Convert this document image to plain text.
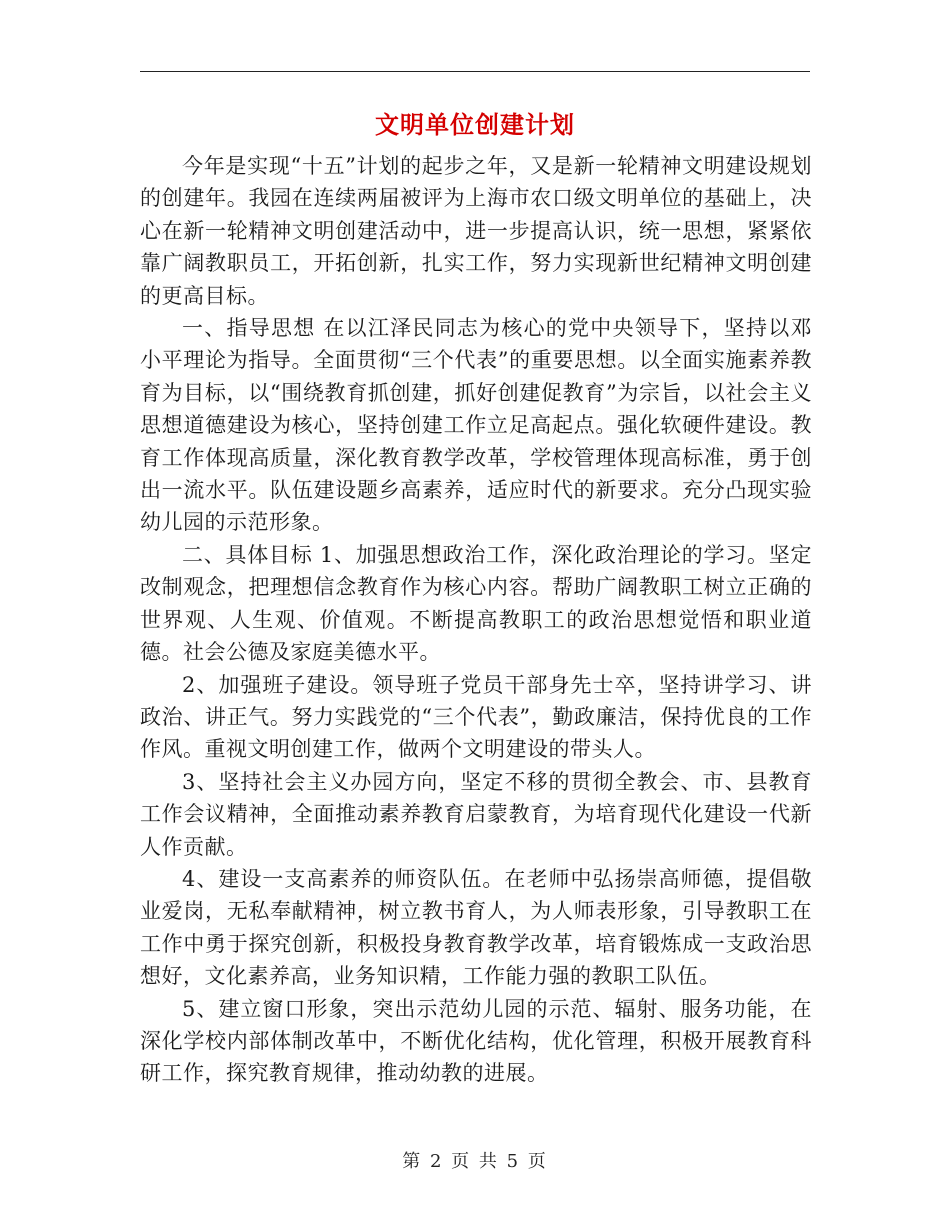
文明单位创建计划

今年是实现“十五”计划的起步之年，又是新一轮精神文明建设规划的创建年。我园在连续两届被评为上海市农口级文明单位的基础上，决心在新一轮精神文明创建活动中，进一步提高认识，统一思想，紧紧依靠广阔教职员工，开拓创新，扎实工作，努力实现新世纪精神文明创建的更高目标。

一、指导思想 在以江泽民同志为核心的党中央领导下，坚持以邓小平理论为指导。全面贯彻“三个代表”的重要思想。以全面实施素养教育为目标，以“围绕教育抓创建，抓好创建促教育”为宗旨，以社会主义思想道德建设为核心，坚持创建工作立足高起点。强化软硬件建设。教育工作体现高质量，深化教育教学改革，学校管理体现高标准，勇于创出一流水平。队伍建设题乡高素养，适应时代的新要求。充分凸现实验幼儿园的示范形象。

二、具体目标 1、加强思想政治工作，深化政治理论的学习。坚定改制观念，把理想信念教育作为核心内容。帮助广阔教职工树立正确的世界观、人生观、价值观。不断提高教职工的政治思想觉悟和职业道德。社会公德及家庭美德水平。

2、加强班子建设。领导班子党员干部身先士卒，坚持讲学习、讲政治、讲正气。努力实践党的“三个代表”，勤政廉洁，保持优良的工作作风。重视文明创建工作，做两个文明建设的带头人。

3、坚持社会主义办园方向，坚定不移的贯彻全教会、市、县教育工作会议精神，全面推动素养教育启蒙教育，为培育现代化建设一代新人作贡献。

4、建设一支高素养的师资队伍。在老师中弘扬崇高师德，提倡敬业爱岗，无私奉献精神，树立教书育人，为人师表形象，引导教职工在工作中勇于探究创新，积极投身教育教学改革，培育锻炼成一支政治思想好，文化素养高，业务知识精，工作能力强的教职工队伍。

5、建立窗口形象，突出示范幼儿园的示范、辐射、服务功能，在深化学校内部体制改革中，不断优化结构，优化管理，积极开展教育科研工作，探究教育规律，推动幼教的进展。

第 2 页 共 5 页
